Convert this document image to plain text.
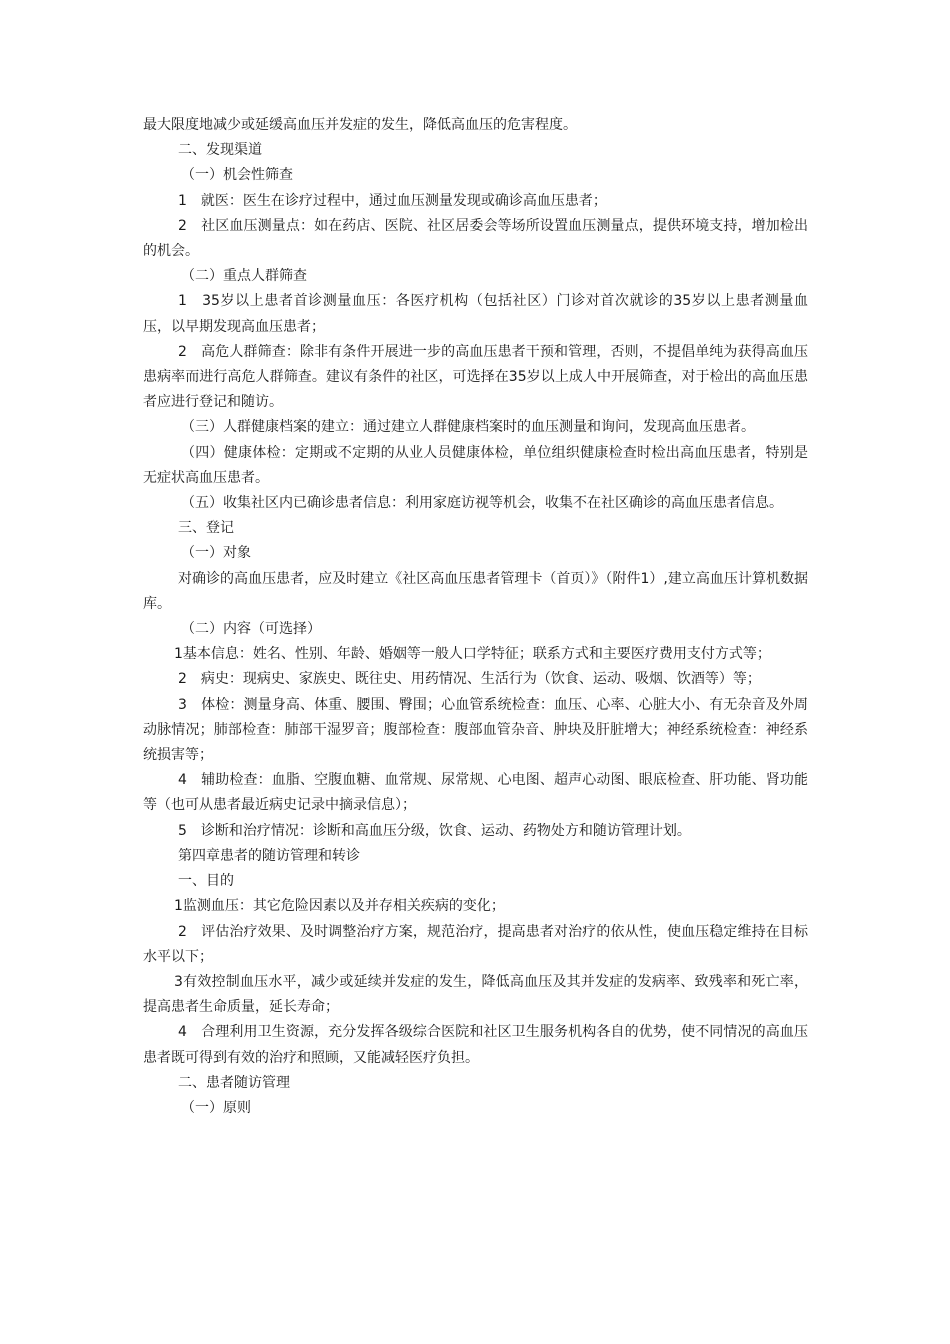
最大限度地减少或延缓高血压并发症的发生，降低高血压的危害程度。

二、发现渠道

（一）机会性筛查

1　就医：医生在诊疗过程中，通过血压测量发现或确诊高血压患者；

2　社区血压测量点：如在药店、医院、社区居委会等场所设置血压测量点，提供环境支持，增加检出的机会。

（二）重点人群筛查

1　35岁以上患者首诊测量血压：各医疗机构（包括社区）门诊对首次就诊的35岁以上患者测量血压，以早期发现高血压患者；

2　高危人群筛查：除非有条件开展进一步的高血压患者干预和管理，否则，不提倡单纯为获得高血压患病率而进行高危人群筛查。建议有条件的社区，可选择在35岁以上成人中开展筛查，对于检出的高血压患者应进行登记和随访。

（三）人群健康档案的建立：通过建立人群健康档案时的血压测量和询问，发现高血压患者。

（四）健康体检：定期或不定期的从业人员健康体检，单位组织健康检查时检出高血压患者，特别是无症状高血压患者。

（五）收集社区内已确诊患者信息：利用家庭访视等机会，收集不在社区确诊的高血压患者信息。

三、登记

（一）对象

对确诊的高血压患者，应及时建立《社区高血压患者管理卡（首页）》（附件1）,建立高血压计算机数据库。

（二）内容（可选择）

1基本信息：姓名、性别、年龄、婚姻等一般人口学特征；联系方式和主要医疗费用支付方式等；

2　病史：现病史、家族史、既往史、用药情况、生活行为（饮食、运动、吸烟、饮酒等）等；

3　体检：测量身高、体重、腰围、臀围；心血管系统检查：血压、心率、心脏大小、有无杂音及外周动脉情况；肺部检查：肺部干湿罗音；腹部检查：腹部血管杂音、肿块及肝脏增大；神经系统检查：神经系统损害等；

4　辅助检查：血脂、空腹血糖、血常规、尿常规、心电图、超声心动图、眼底检查、肝功能、肾功能等（也可从患者最近病史记录中摘录信息）；

5　诊断和治疗情况：诊断和高血压分级，饮食、运动、药物处方和随访管理计划。

第四章患者的随访管理和转诊

一、目的

1监测血压：其它危险因素以及并存相关疾病的变化；

2　评估治疗效果、及时调整治疗方案，规范治疗，提高患者对治疗的依从性，使血压稳定维持在目标水平以下；

3有效控制血压水平，减少或延续并发症的发生，降低高血压及其并发症的发病率、致残率和死亡率，提高患者生命质量，延长寿命；

4　合理利用卫生资源，充分发挥各级综合医院和社区卫生服务机构各自的优势，使不同情况的高血压患者既可得到有效的治疗和照顾，又能减轻医疗负担。

二、患者随访管理

（一）原则
